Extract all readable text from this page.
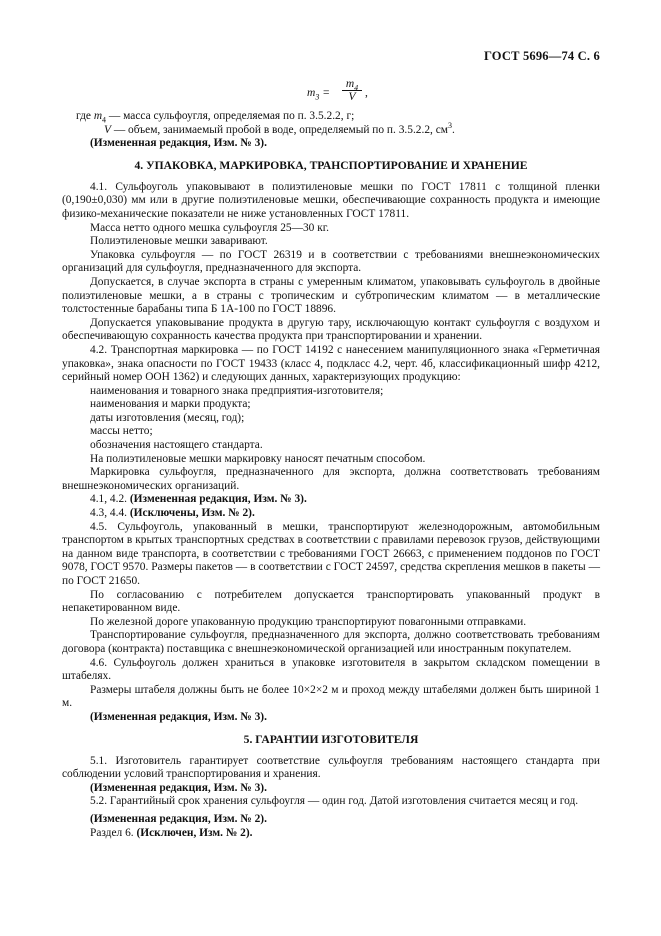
ГОСТ 5696—74 С. 6
$m_3 = \frac{m_4}{V}$ ,

где $m_4$ — масса сульфоугля, определяемая по п. 3.5.2.2, г;

V — объем, занимаемый пробой в воде, определяемый по п. 3.5.2.2, $см^3$.

(Измененная редакция, Изм. № 3).

4. УПАКОВКА, МАРКИРОВКА, ТРАНСПОРТИРОВАНИЕ И ХРАНЕНИЕ

4.1. Сульфоуголь упаковывают в полиэтиленовые мешки по ГОСТ 17811 с толщиной пленки (0,190±0,030) мм или в другие полиэтиленовые мешки, обеспечивающие сохранность продукта и имеющие физико-механические показатели не ниже установленных ГОСТ 17811.

Масса нетто одного мешка сульфоугля 25—30 кг.

Полиэтиленовые мешки заваривают.

Упаковка сульфоугля — по ГОСТ 26319 и в соответствии с требованиями внешнеэкономических организаций для сульфоугля, предназначенного для экспорта.

Допускается, в случае экспорта в страны с умеренным климатом, упаковывать сульфоуголь в двойные полиэтиленовые мешки, а в страны с тропическим и субтропическим климатом — в металлические толстостенные барабаны типа Б 1А-100 по ГОСТ 18896.

Допускается упаковывание продукта в другую тару, исключающую контакт сульфоугля с воздухом и обеспечивающую сохранность качества продукта при транспортировании и хранении.

4.2. Транспортная маркировка — по ГОСТ 14192 с нанесением манипуляционного знака «Герметичная упаковка», знака опасности по ГОСТ 19433 (класс 4, подкласс 4.2, черт. 4б, классификационный шифр 4212, серийный номер ООН 1362) и следующих данных, характеризующих продукцию:

наименования и товарного знака предприятия-изготовителя;

наименования и марки продукта;

даты изготовления (месяц, год);

массы нетто;

обозначения настоящего стандарта.

На полиэтиленовые мешки маркировку наносят печатным способом.

Маркировка сульфоугля, предназначенного для экспорта, должна соответствовать требованиям внешнеэкономических организаций.

4.1, 4.2. (Измененная редакция, Изм. № 3).

4.3, 4.4. (Исключены, Изм. № 2).

4.5. Сульфоуголь, упакованный в мешки, транспортируют железнодорожным, автомобильным транспортом в крытых транспортных средствах в соответствии с правилами перевозок грузов, действующими на данном виде транспорта, в соответствии с требованиями ГОСТ 26663, с применением поддонов по ГОСТ 9078, ГОСТ 9570. Размеры пакетов — в соответствии с ГОСТ 24597, средства скрепления мешков в пакеты — по ГОСТ 21650.

По согласованию с потребителем допускается транспортировать упакованный продукт в непакетированном виде.

По железной дороге упакованную продукцию транспортируют повагонными отправками.

Транспортирование сульфоугля, предназначенного для экспорта, должно соответствовать требованиям договора (контракта) поставщика с внешнеэкономической организацией или иностранным покупателем.

4.6. Сульфоуголь должен храниться в упаковке изготовителя в закрытом складском помещении в штабелях.

Размеры штабеля должны быть не более 10×2×2 м и проход между штабелями должен быть шириной 1 м.

(Измененная редакция, Изм. № 3).

5. ГАРАНТИИ ИЗГОТОВИТЕЛЯ

5.1. Изготовитель гарантирует соответствие сульфоугля требованиям настоящего стандарта при соблюдении условий транспортирования и хранения.

(Измененная редакция, Изм. № 3).

5.2. Гарантийный срок хранения сульфоугля — один год. Датой изготовления считается месяц и год.

(Измененная редакция, Изм. № 2).

Раздел 6. (Исключен, Изм. № 2).
